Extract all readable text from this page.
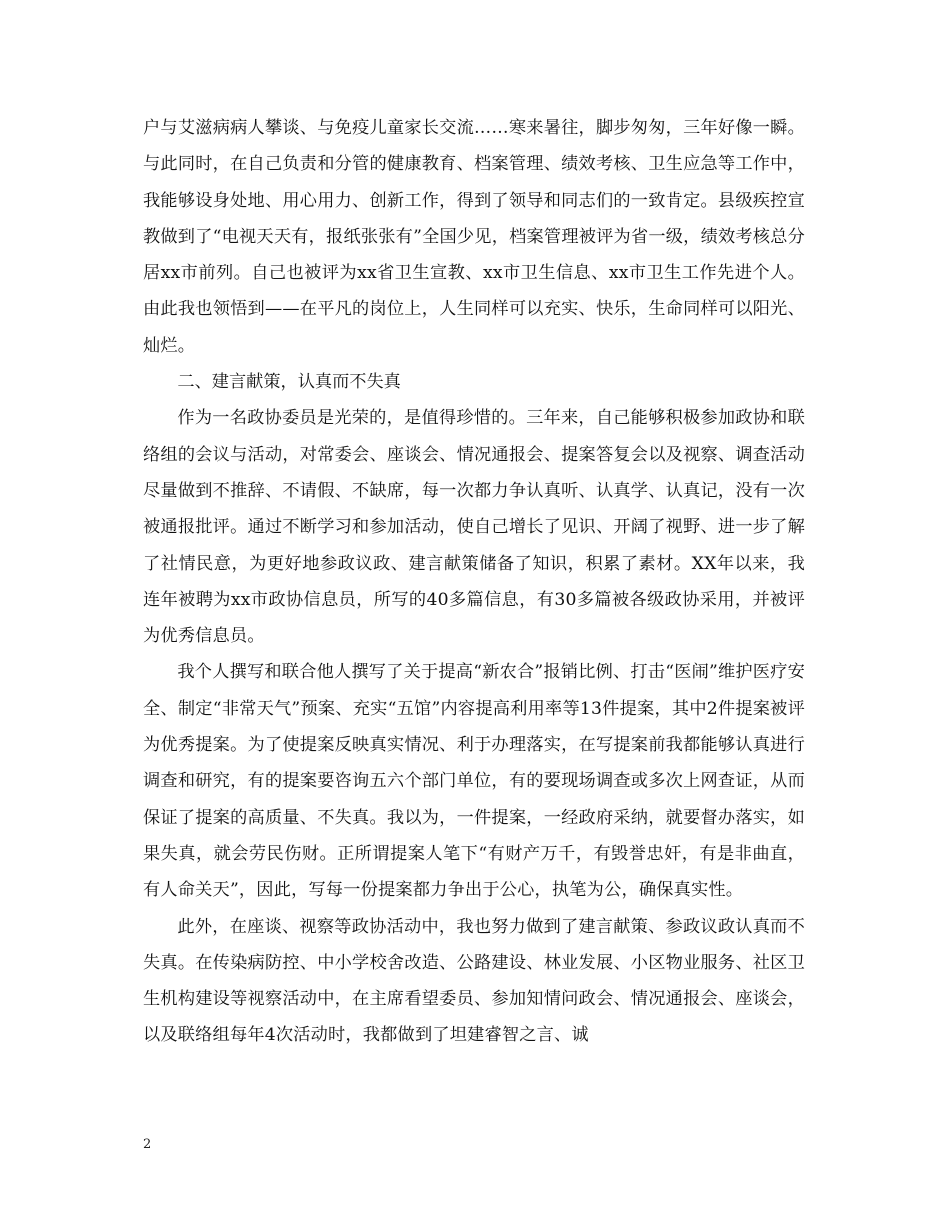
户与艾滋病病人攀谈、与免疫儿童家长交流……寒来暑往，脚步匆匆，三年好像一瞬。与此同时，在自己负责和分管的健康教育、档案管理、绩效考核、卫生应急等工作中，我能够设身处地、用心用力、创新工作，得到了领导和同志们的一致肯定。县级疾控宣教做到了“电视天天有，报纸张张有”全国少见，档案管理被评为省一级，绩效考核总分居xx市前列。自己也被评为xx省卫生宣教、xx市卫生信息、xx市卫生工作先进个人。由此我也领悟到——在平凡的岗位上，人生同样可以充实、快乐，生命同样可以阳光、灿烂。

二、建言献策，认真而不失真

作为一名政协委员是光荣的，是值得珍惜的。三年来，自己能够积极参加政协和联络组的会议与活动，对常委会、座谈会、情况通报会、提案答复会以及视察、调查活动尽量做到不推辞、不请假、不缺席，每一次都力争认真听、认真学、认真记，没有一次被通报批评。通过不断学习和参加活动，使自己增长了见识、开阔了视野、进一步了解了社情民意，为更好地参政议政、建言献策储备了知识，积累了素材。XX年以来，我连年被聘为xx市政协信息员，所写的40多篇信息，有30多篇被各级政协采用，并被评为优秀信息员。

我个人撰写和联合他人撰写了关于提高“新农合”报销比例、打击“医闹”维护医疗安全、制定“非常天气”预案、充实“五馆”内容提高利用率等13件提案，其中2件提案被评为优秀提案。为了使提案反映真实情况、利于办理落实，在写提案前我都能够认真进行调查和研究，有的提案要咨询五六个部门单位，有的要现场调查或多次上网查证，从而保证了提案的高质量、不失真。我以为，一件提案，一经政府采纳，就要督办落实，如果失真，就会劳民伤财。正所谓提案人笔下“有财产万千，有毁誉忠奸，有是非曲直，有人命关天”，因此，写每一份提案都力争出于公心，执笔为公，确保真实性。

此外，在座谈、视察等政协活动中，我也努力做到了建言献策、参政议政认真而不失真。在传染病防控、中小学校舍改造、公路建设、林业发展、小区物业服务、社区卫生机构建设等视察活动中，在主席看望委员、参加知情问政会、情况通报会、座谈会，以及联络组每年4次活动时，我都做到了坦建睿智之言、诚

2
